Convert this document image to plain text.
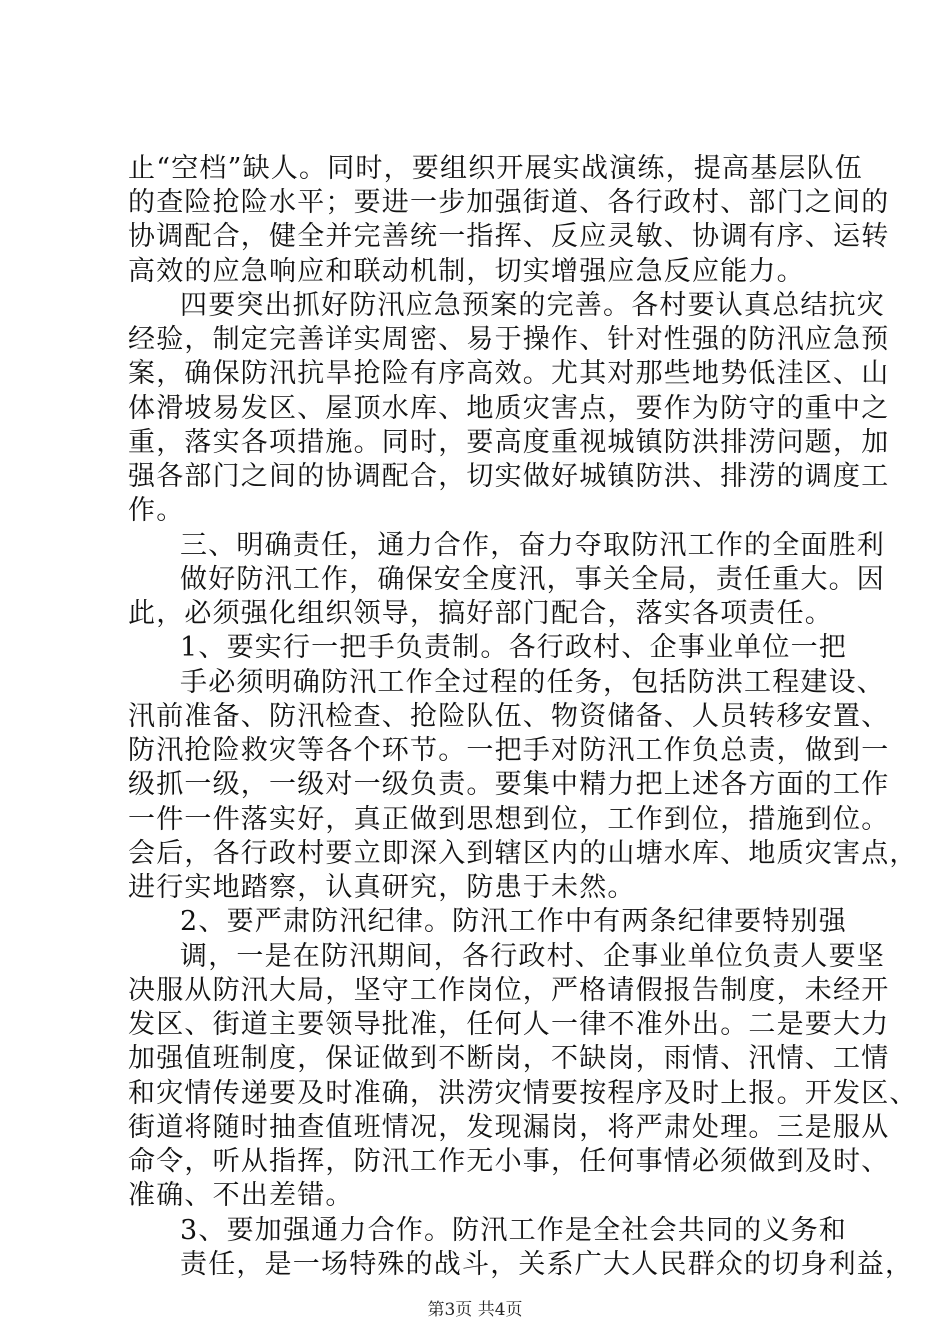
止“空档”缺人。同时，要组织开展实战演练，提高基层队伍
的查险抢险水平；要进一步加强街道、各行政村、部门之间的
协调配合，健全并完善统一指挥、反应灵敏、协调有序、运转
高效的应急响应和联动机制，切实增强应急反应能力。
四要突出抓好防汛应急预案的完善。各村要认真总结抗灾
经验，制定完善详实周密、易于操作、针对性强的防汛应急预
案，确保防汛抗旱抢险有序高效。尤其对那些地势低洼区、山
体滑坡易发区、屋顶水库、地质灾害点，要作为防守的重中之
重，落实各项措施。同时，要高度重视城镇防洪排涝问题，加
强各部门之间的协调配合，切实做好城镇防洪、排涝的调度工
作。
三、明确责任，通力合作，奋力夺取防汛工作的全面胜利
做好防汛工作，确保安全度汛，事关全局，责任重大。因
此，必须强化组织领导，搞好部门配合，落实各项责任。
1、要实行一把手负责制。各行政村、企事业单位一把
手必须明确防汛工作全过程的任务，包括防洪工程建设、
汛前准备、防汛检查、抢险队伍、物资储备、人员转移安置、
防汛抢险救灾等各个环节。一把手对防汛工作负总责，做到一
级抓一级，一级对一级负责。要集中精力把上述各方面的工作
一件一件落实好，真正做到思想到位，工作到位，措施到位。
会后，各行政村要立即深入到辖区内的山塘水库、地质灾害点，
进行实地踏察，认真研究，防患于未然。
2、要严肃防汛纪律。防汛工作中有两条纪律要特别强
调，一是在防汛期间，各行政村、企事业单位负责人要坚
决服从防汛大局，坚守工作岗位，严格请假报告制度，未经开
发区、街道主要领导批准，任何人一律不准外出。二是要大力
加强值班制度，保证做到不断岗，不缺岗，雨情、汛情、工情
和灾情传递要及时准确，洪涝灾情要按程序及时上报。开发区、
街道将随时抽查值班情况，发现漏岗，将严肃处理。三是服从
命令，听从指挥，防汛工作无小事，任何事情必须做到及时、
准确、不出差错。
3、要加强通力合作。防汛工作是全社会共同的义务和
责任，是一场特殊的战斗，关系广大人民群众的切身利益，
第3页 共4页
